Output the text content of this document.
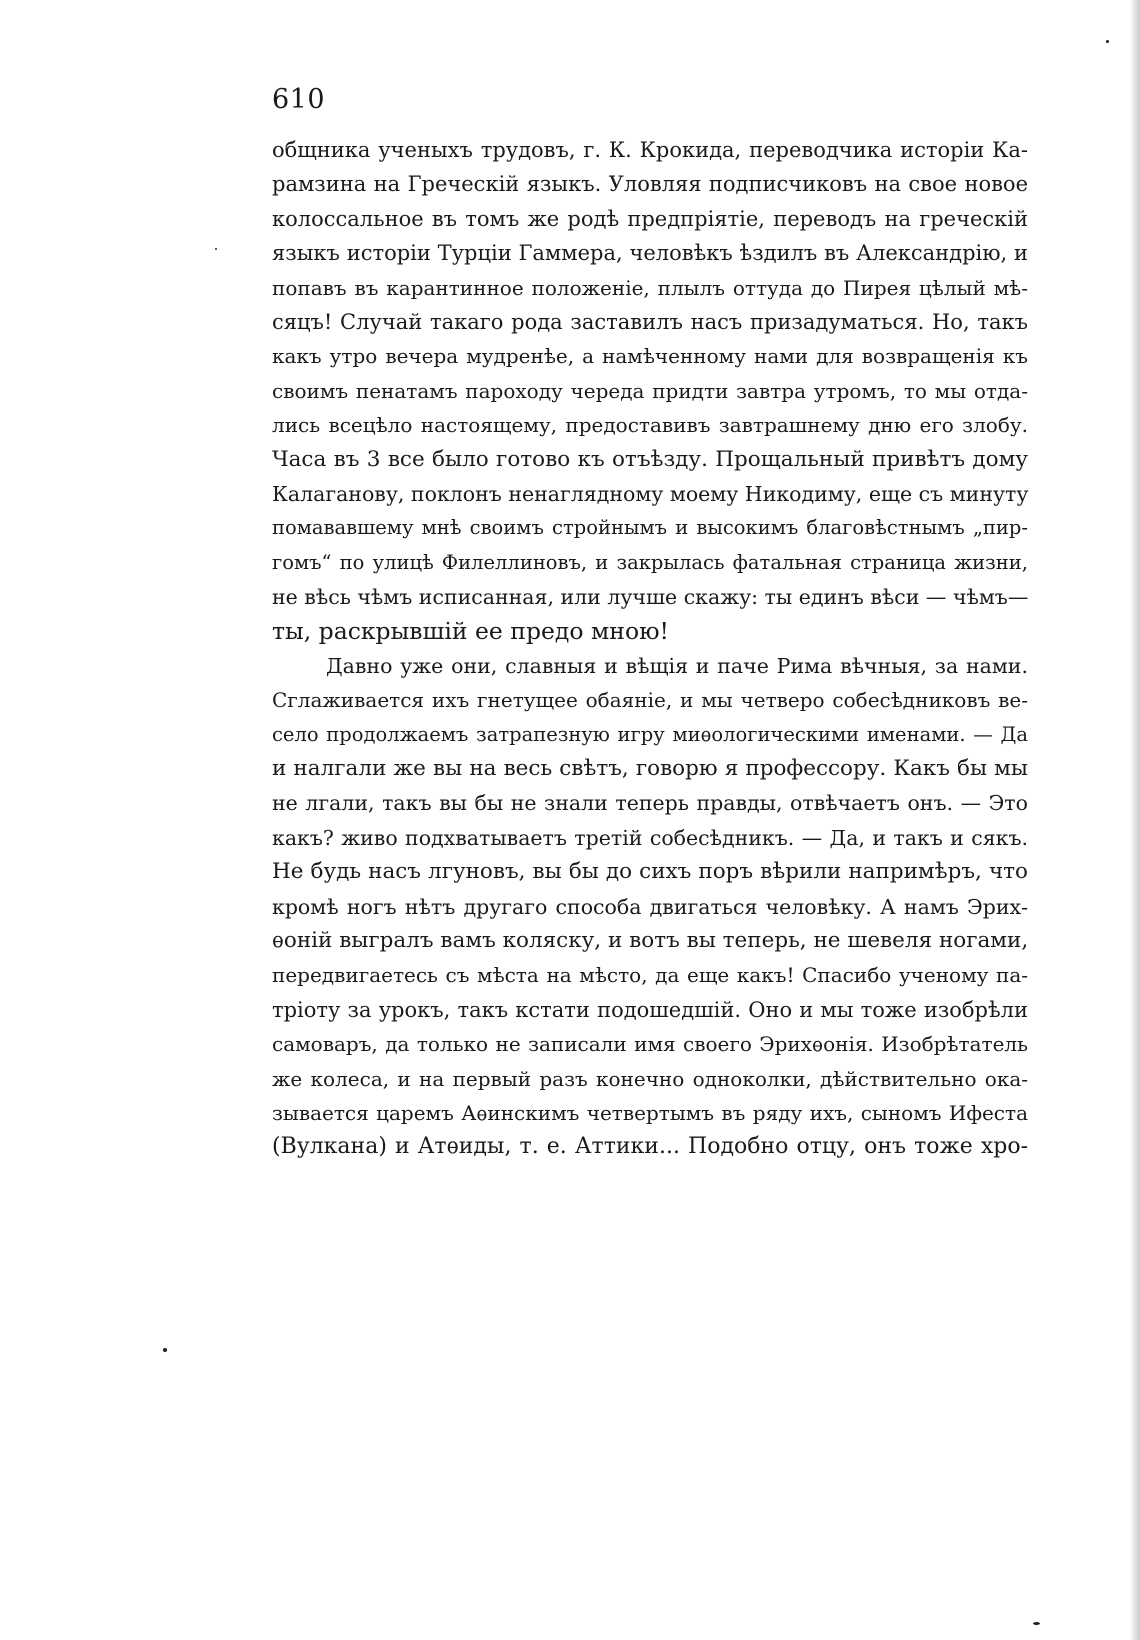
610
общника ученыхъ трудовъ, г. К. Крокида, переводчика исторіи Ка-
рамзина на Греческій языкъ. Уловляя подписчиковъ на свое новое
колоссальное въ томъ же родѣ предпріятіе, переводъ на греческій
языкъ исторіи Турціи Гаммера, человѣкъ ѣздилъ въ Александрію, и
попавъ въ карантинное положеніе, плылъ оттуда до Пирея цѣлый мѣ-
сяцъ! Случай такаго рода заставилъ насъ призадуматься. Но, такъ
какъ утро вечера мудренѣе, а намѣченному нами для возвращенія къ
своимъ пенатамъ пароходу череда придти завтра утромъ, то мы отда-
лись всецѣло настоящему, предоставивъ завтрашнему дню его злобу.
Часа въ 3 все было готово къ отъѣзду. Прощальный привѣтъ дому
Калаганову, поклонъ ненаглядному моему Никодиму, еще съ минуту
помававшему мнѣ своимъ стройнымъ и высокимъ благовѣстнымъ „пир-
гомъ“ по улицѣ Филеллиновъ, и закрылась фатальная страница жизни,
не вѣсь чѣмъ исписанная, или лучше скажу: ты единъ вѣси — чѣмъ—
ты, раскрывшій ее предо мною!
Давно уже они, славныя и вѣщія и паче Рима вѣчныя, за нами.
Сглаживается ихъ гнетущее обаяніе, и мы четверо собесѣдниковъ ве-
село продолжаемъ затрапезную игру миѳологическими именами. — Да
и налгали же вы на весь свѣтъ, говорю я профессору. Какъ бы мы
не лгали, такъ вы бы не знали теперь правды, отвѣчаетъ онъ. — Это
какъ? живо подхватываетъ третій собесѣдникъ. — Да, и такъ и сякъ.
Не будь насъ лгуновъ, вы бы до сихъ поръ вѣрили напримѣръ, что
кромѣ ногъ нѣтъ другаго способа двигаться человѣку. А намъ Эрих-
ѳоній выгралъ вамъ коляску, и вотъ вы теперь, не шевеля ногами,
передвигаетесь съ мѣста на мѣсто, да еще какъ! Спасибо ученому па-
тріоту за урокъ, такъ кстати подошедшій. Оно и мы тоже изобрѣли
самоваръ, да только не записали имя своего Эрихѳонія. Изобрѣтатель
же колеса, и на первый разъ конечно одноколки, дѣйствительно ока-
зывается царемъ Аѳинскимъ четвертымъ въ ряду ихъ, сыномъ Ифеста
(Вулкана) и Атѳиды, т. е. Аттики... Подобно отцу, онъ тоже хро-
